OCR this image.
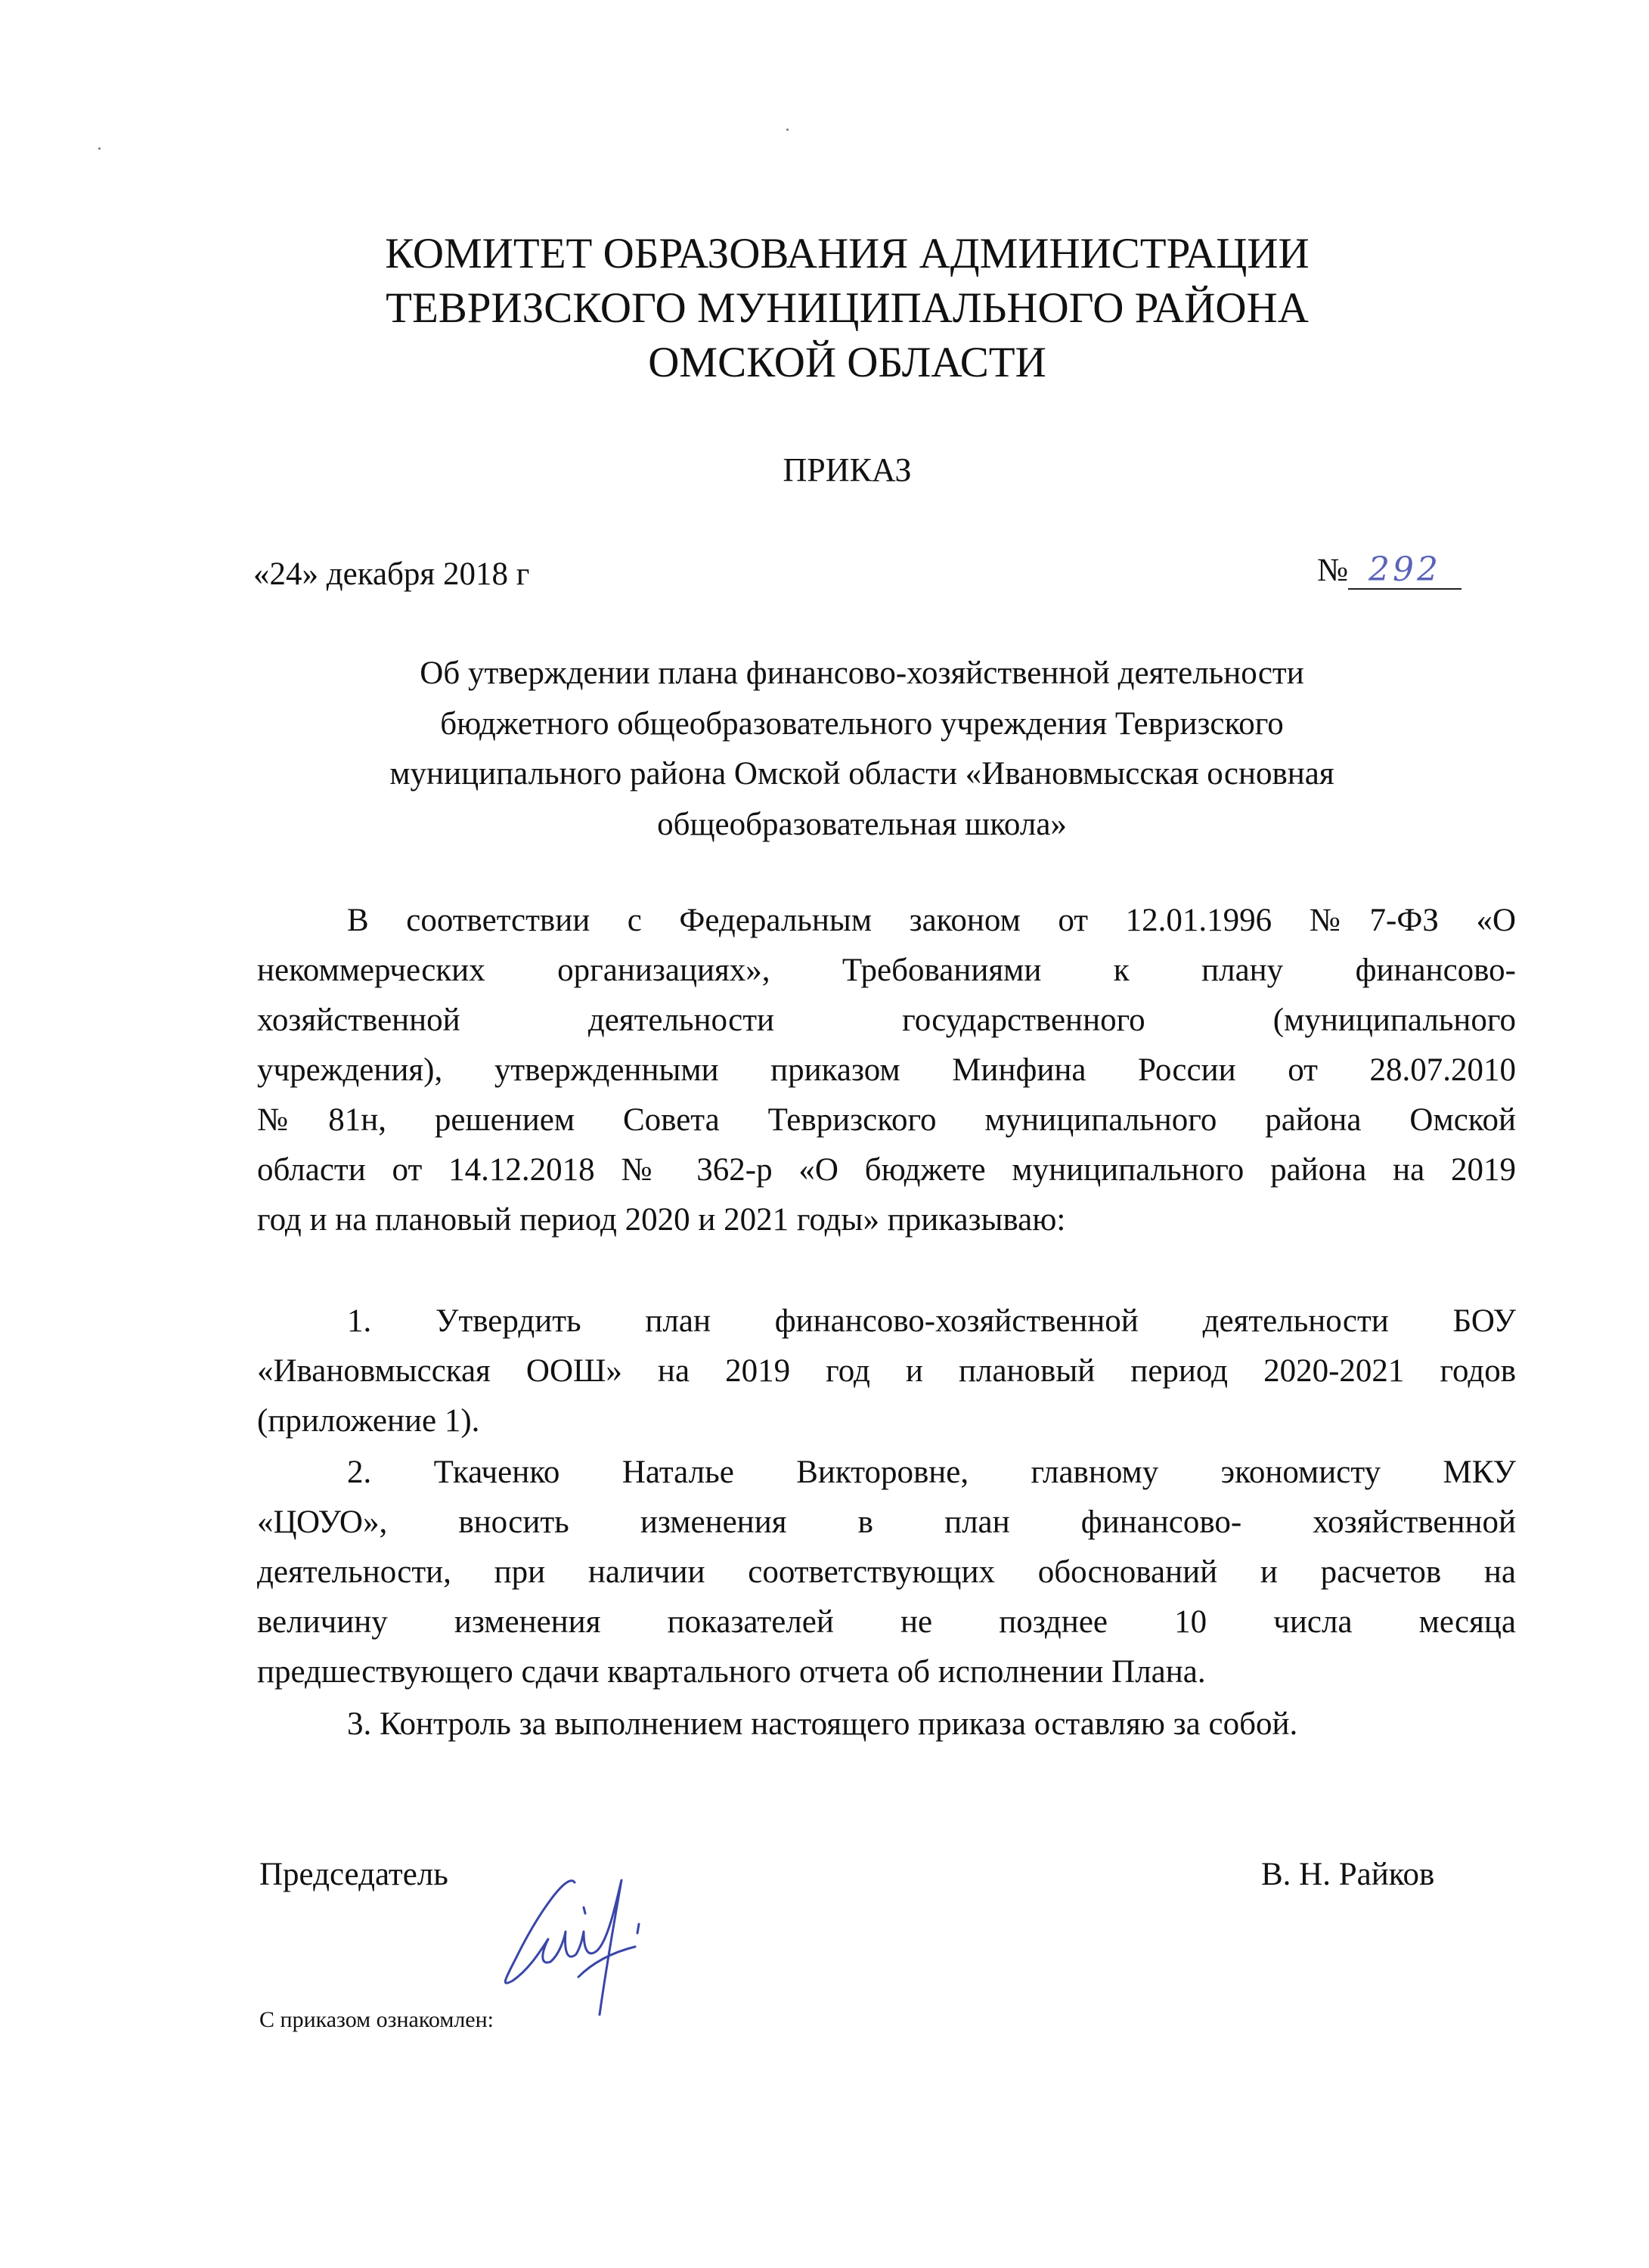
КОМИТЕТ ОБРАЗОВАНИЯ АДМИНИСТРАЦИИ
ТЕВРИЗСКОГО МУНИЦИПАЛЬНОГО РАЙОНА
ОМСКОЙ ОБЛАСТИ
ПРИКАЗ
«24» декабря 2018 г	№ 292
Об утверждении плана финансово-хозяйственной деятельности
бюджетного общеобразовательного учреждения Тевризского
муниципального района Омской области «Ивановмысская основная
общеобразовательная школа»
В соответствии с Федеральным законом от 12.01.1996 №7-ФЗ «О
некоммерческих организациях», Требованиями к плану финансово-
хозяйственной деятельности государственного (муниципального
учреждения), утвержденными приказом Минфина России от 28.07.2010
№81н, решением Совета Тевризского муниципального района Омской
области от 14.12.2018 № 362-р «О бюджете муниципального района на 2019
год и на плановый период 2020 и 2021 годы» приказываю:
1. Утвердить план финансово-хозяйственной деятельности БОУ
«Ивановмысская ООШ» на 2019 год и плановый период 2020-2021 годов
(приложение 1).
2. Ткаченко Наталье Викторовне, главному экономисту МКУ
«ЦОУО», вносить изменения в план финансово- хозяйственной
деятельности, при наличии соответствующих обоснований и расчетов на
величину изменения показателей не позднее 10 числа месяца
предшествующего сдачи квартального отчета об исполнении Плана.
3. Контроль за выполнением настоящего приказа оставляю за собой.
Председатель	В. Н. Райков
С приказом ознакомлен:
